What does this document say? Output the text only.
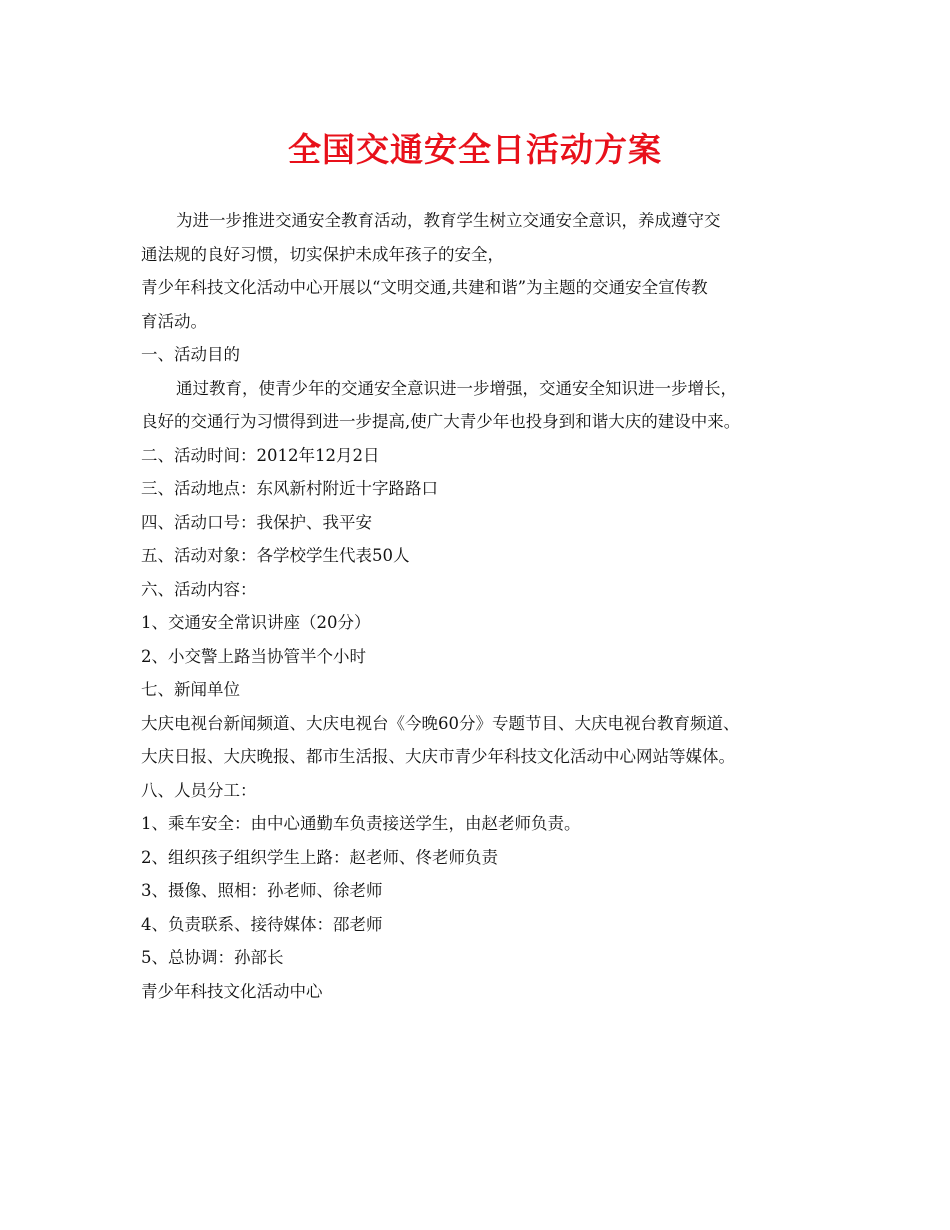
全国交通安全日活动方案
为进一步推进交通安全教育活动，教育学生树立交通安全意识，养成遵守交
通法规的良好习惯，切实保护未成年孩子的安全，
青少年科技文化活动中心开展以“文明交通,共建和谐”为主题的交通安全宣传教
育活动。
一、活动目的
通过教育，使青少年的交通安全意识进一步增强，交通安全知识进一步增长，
良好的交通行为习惯得到进一步提高,使广大青少年也投身到和谐大庆的建设中来。
二、活动时间：2012年12月2日
三、活动地点：东风新村附近十字路路口
四、活动口号：我保护、我平安
五、活动对象：各学校学生代表50人
六、活动内容：
1、交通安全常识讲座（20分）
2、小交警上路当协管半个小时
七、新闻单位
大庆电视台新闻频道、大庆电视台《今晚60分》专题节目、大庆电视台教育频道、
大庆日报、大庆晚报、都市生活报、大庆市青少年科技文化活动中心网站等媒体。
八、人员分工：
1、乘车安全：由中心通勤车负责接送学生，由赵老师负责。
2、组织孩子组织学生上路：赵老师、佟老师负责
3、摄像、照相：孙老师、徐老师
4、负责联系、接待媒体：邵老师
5、总协调：孙部长
青少年科技文化活动中心
